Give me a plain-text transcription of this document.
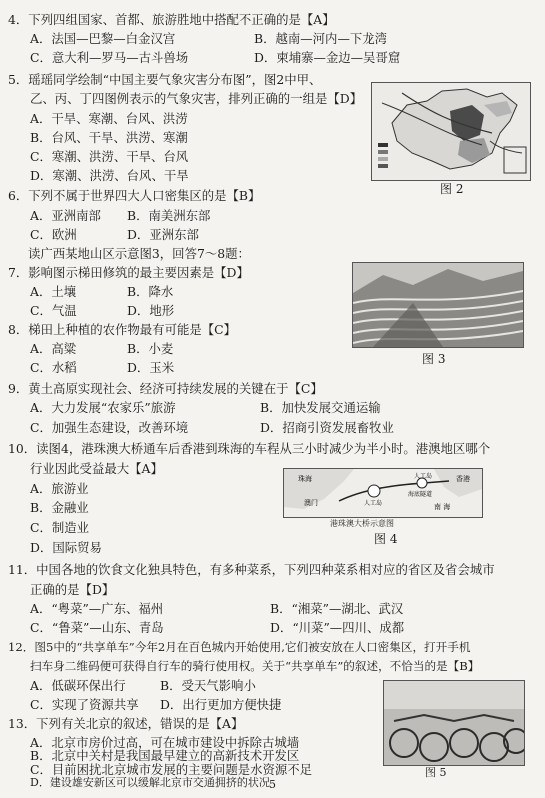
4．下列四组国家、首都、旅游胜地中搭配不正确的是【A】
A．法国—巴黎—白金汉宫	B．越南—河内—下龙湾
C．意大利—罗马—古斗兽场	D．柬埔寨—金边—吴哥窟
5．瑶瑶同学绘制“中国主要气象灾害分布图”，图2中甲、
乙、丙、丁四图例表示的气象灾害，排列正确的一组是【D】
A．干旱、寒潮、台风、洪涝
B．台风、干旱、洪涝、寒潮
C．寒潮、洪涝、干旱、台风
D．寒潮、洪涝、台风、干旱
图 2
6．下列不属于世界四大人口密集区的是【B】
A．亚洲南部 B．南美洲东部
C．欧洲	D．亚洲东部
读广西某地山区示意图3，回答7～8题：
7．影响图示梯田修筑的最主要因素是【D】
A．土壤	B．降水
C．气温	D．地形
8．梯田上种植的农作物最有可能是【C】
A．高粱	B．小麦
C．水稻	D．玉米
图 3
9．黄土高原实现社会、经济可持续发展的关键在于【C】
A．大力发展“农家乐”旅游	B．加快发展交通运输
C．加强生态建设，改善环境	D．招商引资发展畜牧业
10．读图4，港珠澳大桥通车后香港到珠海的车程从三小时减少为半小时。港澳地区哪个
行业因此受益最大【A】
A．旅游业
B．金融业
C．制造业
D．国际贸易
珠海
澳门
香港
人工岛
人工岛
海底隧道
南 海
港珠澳大桥示意图
图 4
11．中国各地的饮食文化独具特色，有多种菜系，下列四种菜系相对应的省区及省会城市
正确的是【D】
A．“粤菜”—广东、福州	B．“湘菜”—湖北、武汉
C．“鲁菜”—山东、青岛	D．“川菜”—四川、成都
12．图5中的“共享单车”今年2月在百色城内开始使用,它们被安放在人口密集区，打开手机
扫车身二维码便可获得自行车的骑行使用权。关于“共享单车”的叙述，不恰当的是【B】
A．低碳环保出行	B．受天气影响小
C．实现了资源共享 D．出行更加方便快捷
13．下列有关北京的叙述，错误的是【A】
A．北京市房价过高，可在城市建设中拆除古城墙
B．北京中关村是我国最早建立的高新技术开发区
C．目前困扰北京城市发展的主要问题是水资源不足
5
D．建设雄安新区可以缓解北京市交通拥挤的状况
图 5
